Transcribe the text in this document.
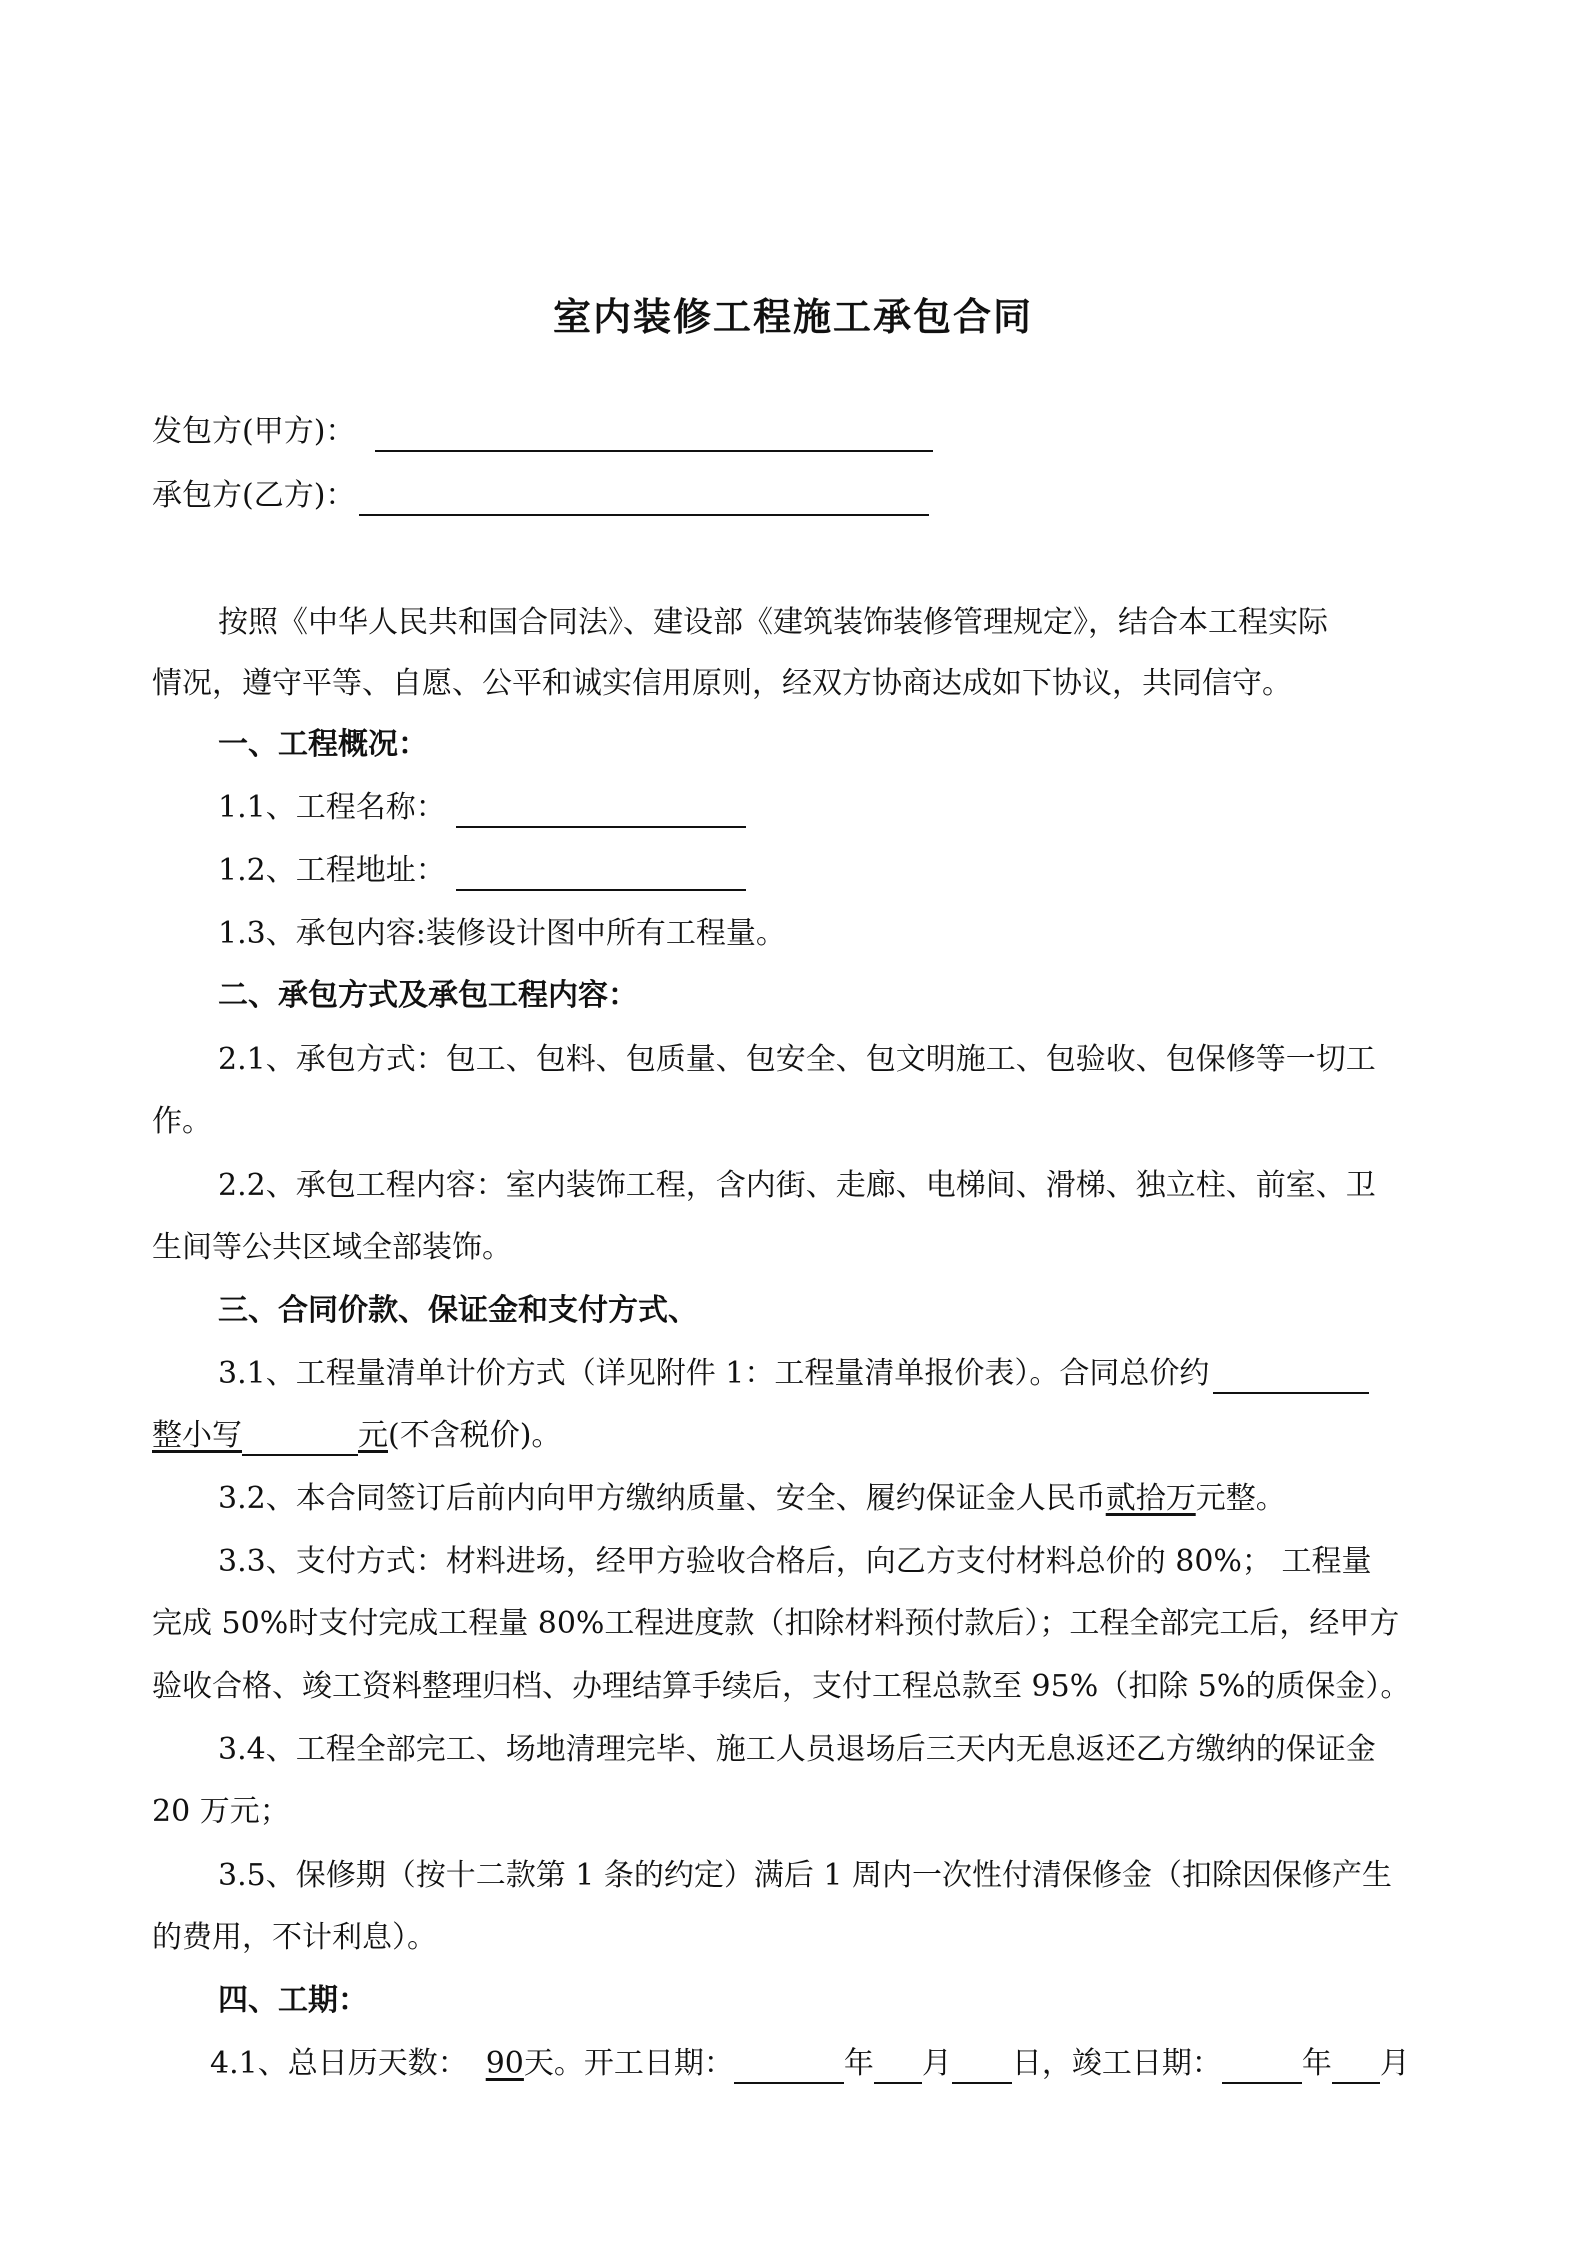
室内装修工程施工承包合同
发包方(甲方)：
承包方(乙方)：
按照《中华人民共和国合同法》、建设部《建筑装饰装修管理规定》，结合本工程实际
情况，遵守平等、自愿、公平和诚实信用原则，经双方协商达成如下协议，共同信守。
一、工程概况：
1.1、工程名称：
1.2、工程地址：
1.3、承包内容:装修设计图中所有工程量。
二、承包方式及承包工程内容：
2.1、承包方式：包工、包料、包质量、包安全、包文明施工、包验收、包保修等一切工
作。
2.2、承包工程内容：室内装饰工程，含内街、走廊、电梯间、滑梯、独立柱、前室、卫
生间等公共区域全部装饰。
三、合同价款、保证金和支付方式、
3.1、工程量清单计价方式（详见附件 1：工程量清单报价表）。合同总价约
整小写	元(不含税价)。
3.2、本合同签订后前内向甲方缴纳质量、安全、履约保证金人民币贰拾万元整。
3.3、支付方式：材料进场，经甲方验收合格后，向乙方支付材料总价的 80%； 工程量
完成 50%时支付完成工程量 80%工程进度款（扣除材料预付款后）；工程全部完工后，经甲方
验收合格、竣工资料整理归档、办理结算手续后，支付工程总款至 95%（扣除 5%的质保金）。
3.4、工程全部完工、场地清理完毕、施工人员退场后三天内无息返还乙方缴纳的保证金
20 万元；
3.5、保修期（按十二款第 1 条的约定）满后 1 周内一次性付清保修金（扣除因保修产生
的费用，不计利息）。
四、工期：
4.1、总日历天数： 90天。开工日期：	年 月 日，竣工日期：	年 月
